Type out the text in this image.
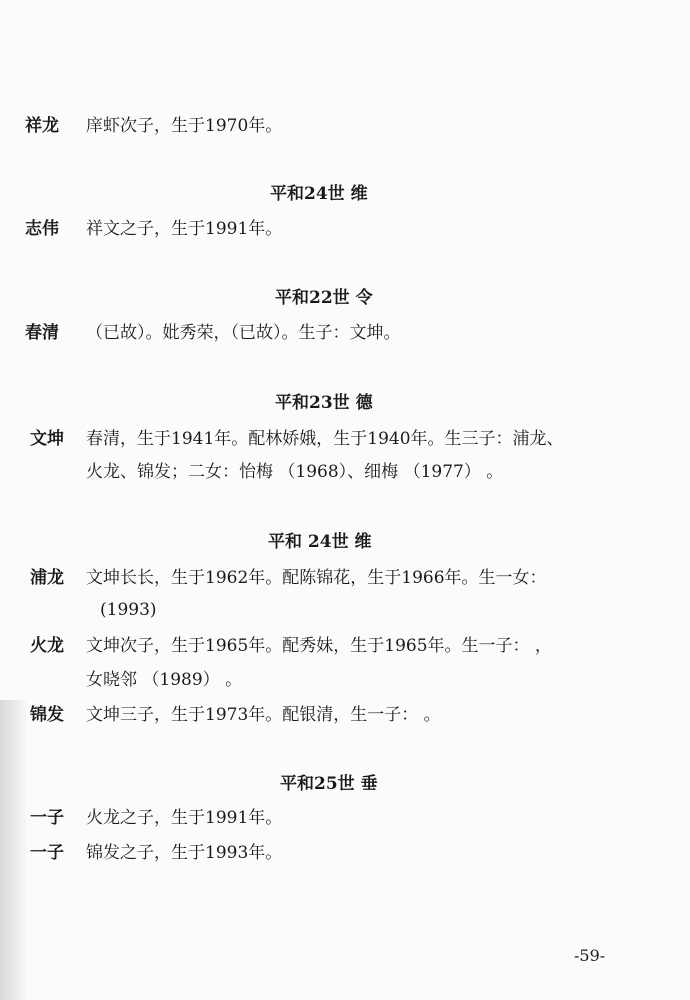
祥龙 庠虾次子，生于1970年。
平和24世 维
志伟 祥文之子，生于1991年。
平和22世 令
春清 （已故）。妣秀荣，（已故）。生子：文坤。
平和23世 德
文坤 春清，生于1941年。配林娇娥，生于1940年。生三子：浦龙、
火龙、锦发；二女：怡梅 （1968）、细梅 （1977） 。
平和 24世 维
浦龙 文坤长长，生于1962年。配陈锦花，生于1966年。生一女：
(1993)
火龙 文坤次子，生于1965年。配秀妹，生于1965年。生一子： ，
女晓邻 （1989） 。
锦发 文坤三子，生于1973年。配银清，生一子： 。
平和25世 垂
一子 火龙之子，生于1991年。
一子 锦发之子，生于1993年。
-59-
